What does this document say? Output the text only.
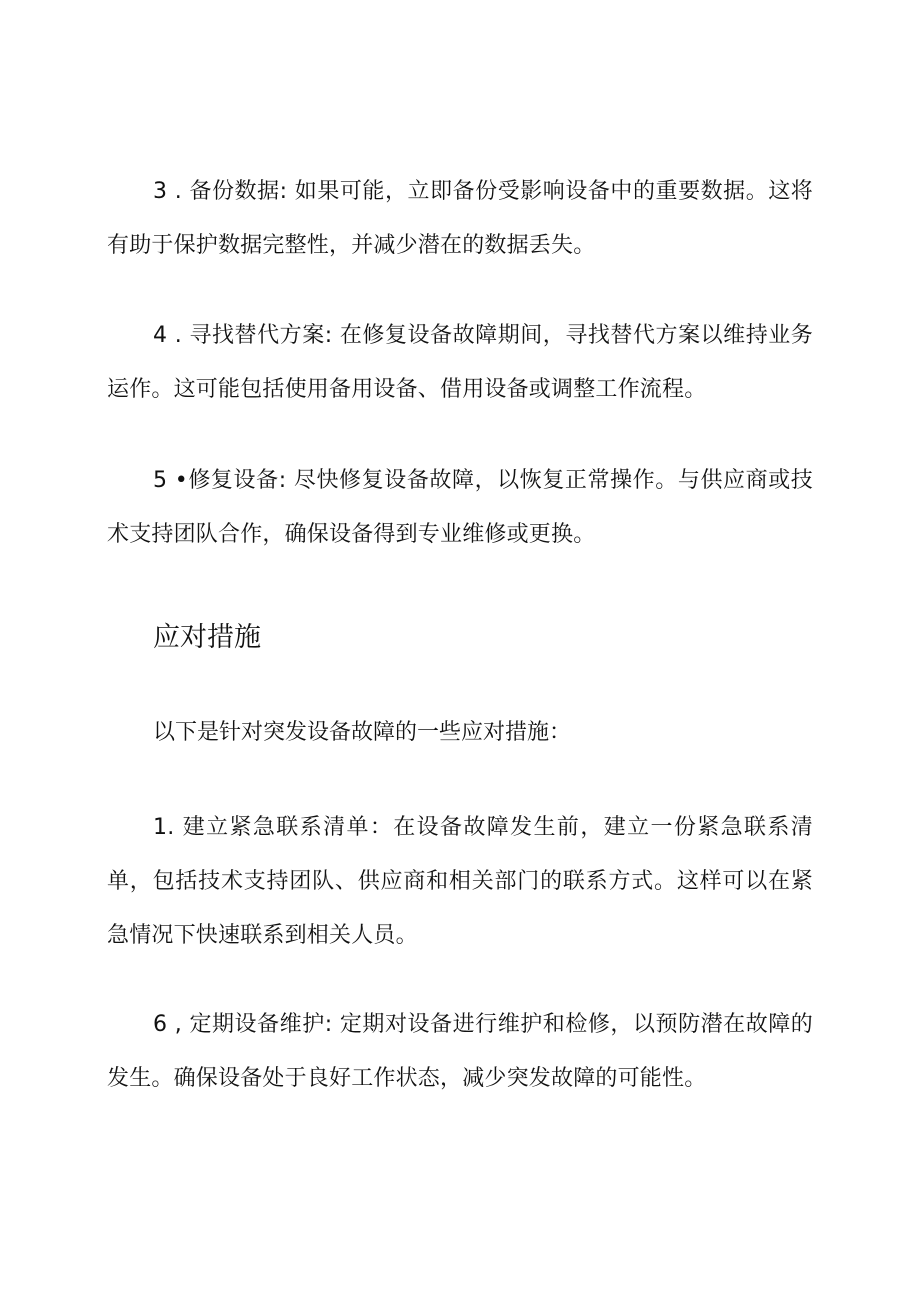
3 . 备份数据: 如果可能，立即备份受影响设备中的重要数据。这将有助于保护数据完整性，并减少潜在的数据丢失。

4 . 寻找替代方案: 在修复设备故障期间，寻找替代方案以维持业务运作。这可能包括使用备用设备、借用设备或调整工作流程。

5 •修复设备: 尽快修复设备故障，以恢复正常操作。与供应商或技术支持团队合作，确保设备得到专业维修或更换。

应对措施

以下是针对突发设备故障的一些应对措施：

1. 建立紧急联系清单：在设备故障发生前，建立一份紧急联系清单，包括技术支持团队、供应商和相关部门的联系方式。这样可以在紧急情况下快速联系到相关人员。

6 , 定期设备维护: 定期对设备进行维护和检修，以预防潜在故障的发生。确保设备处于良好工作状态，减少突发故障的可能性。
